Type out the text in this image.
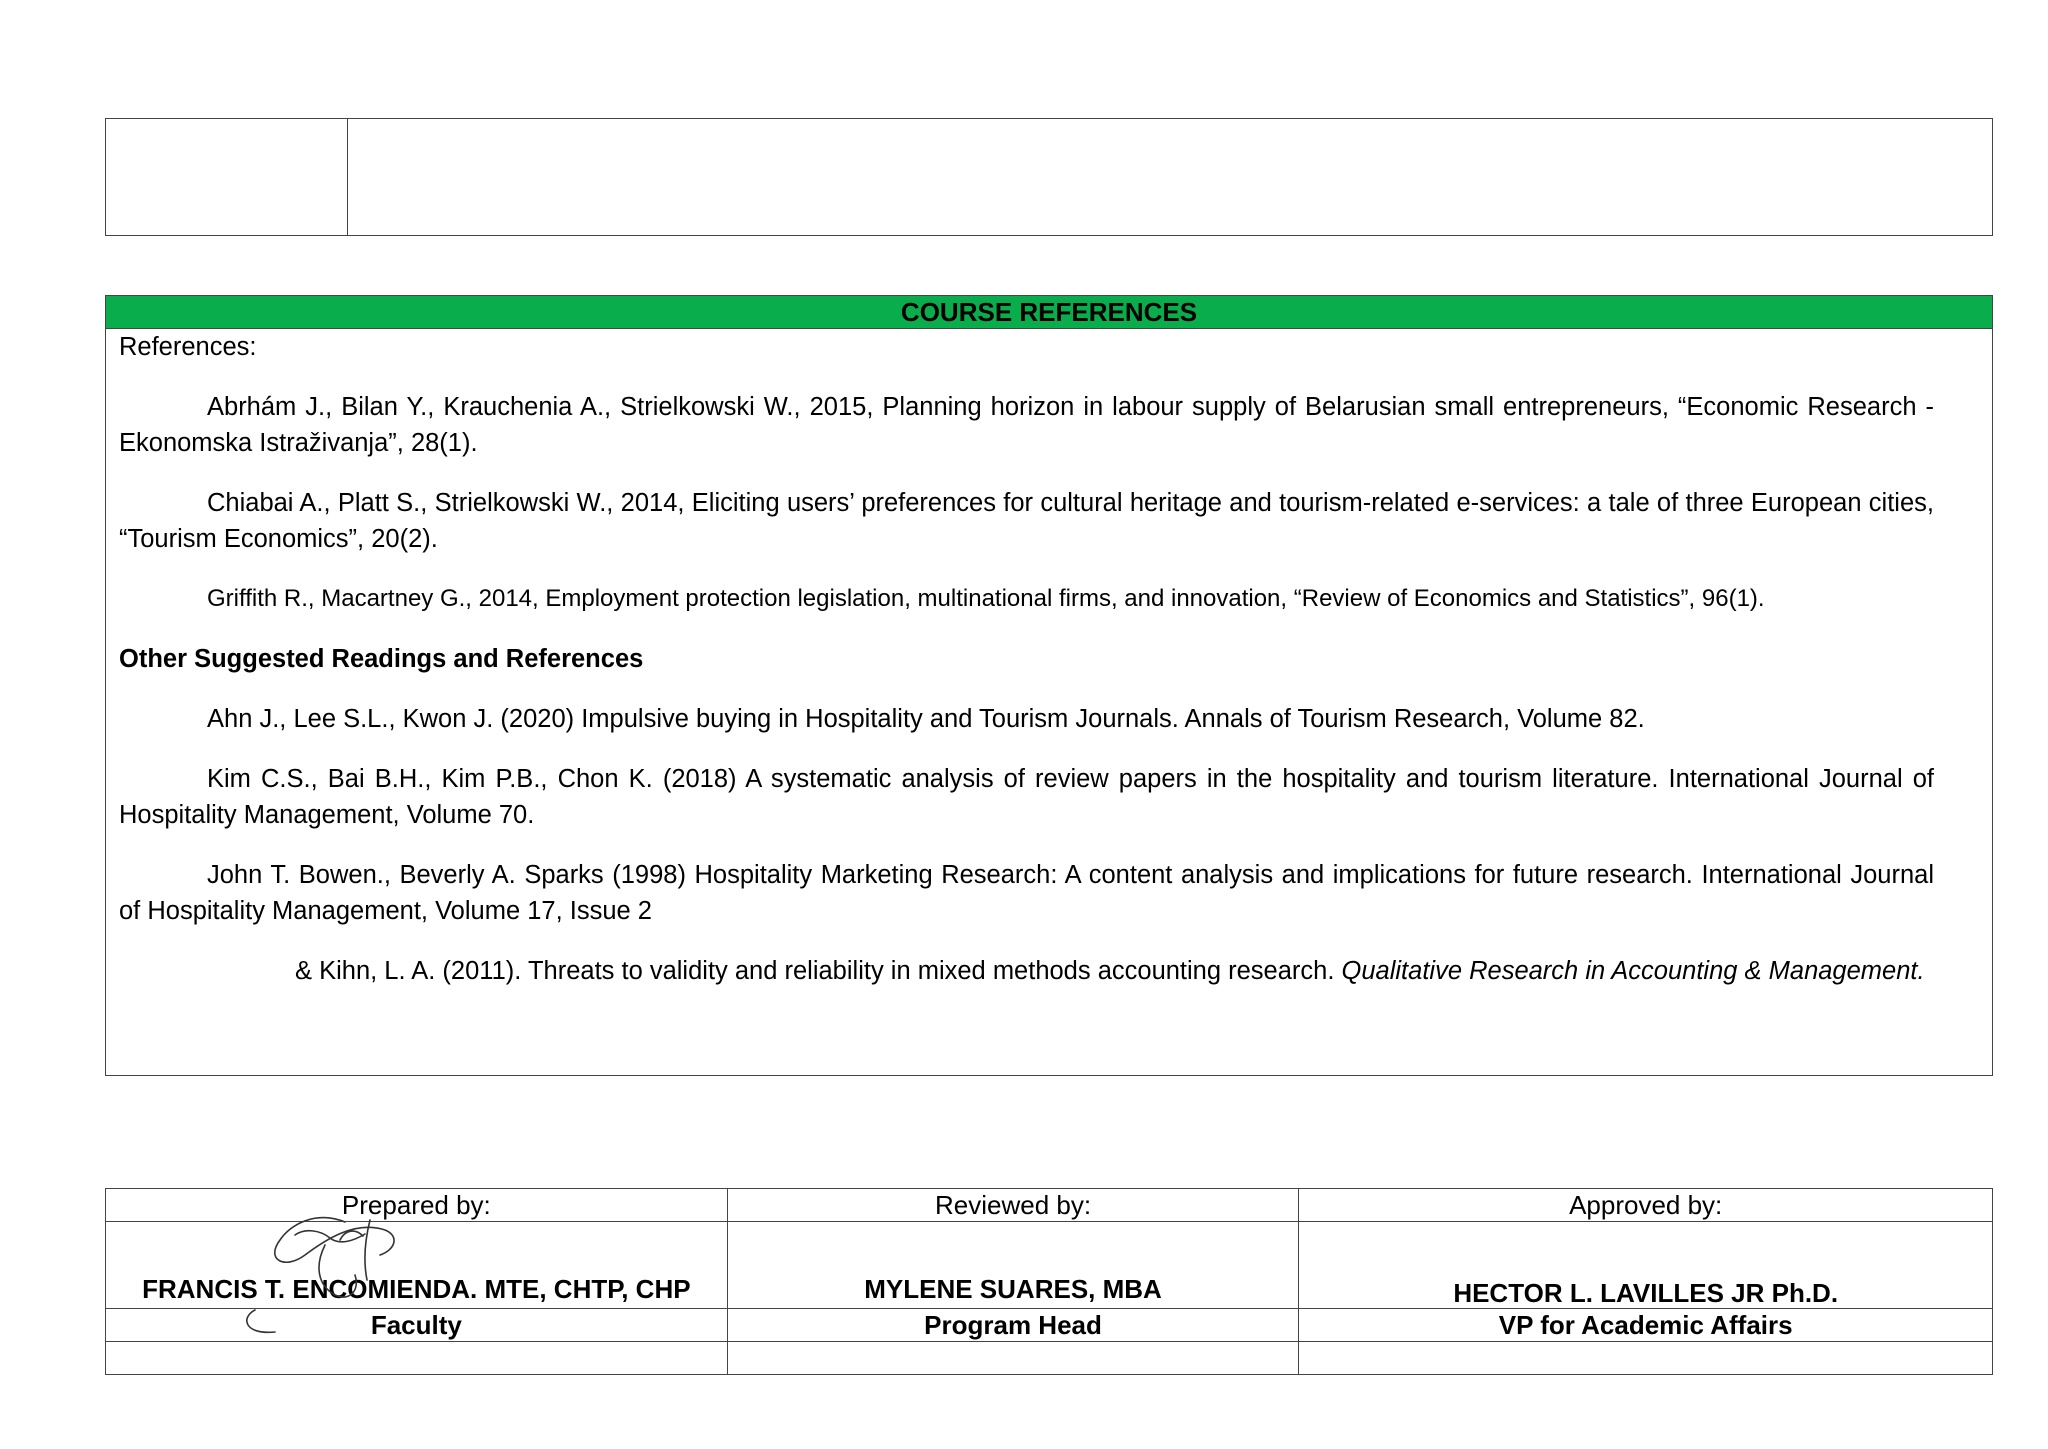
COURSE REFERENCES

References:

Abrhám J., Bilan Y., Krauchenia A., Strielkowski W., 2015, Planning horizon in labour supply of Belarusian small entrepreneurs, “Economic Research - Ekonomska Istraživanja”, 28(1).

Chiabai A., Platt S., Strielkowski W., 2014, Eliciting users’ preferences for cultural heritage and tourism-related e-services: a tale of three European cities, “Tourism Economics”, 20(2).

Griffith R., Macartney G., 2014, Employment protection legislation, multinational firms, and innovation, “Review of Economics and Statistics”, 96(1).

Other Suggested Readings and References

Ahn J., Lee S.L., Kwon J. (2020) Impulsive buying in Hospitality and Tourism Journals. Annals of Tourism Research, Volume 82.

Kim C.S., Bai B.H., Kim P.B., Chon K. (2018) A systematic analysis of review papers in the hospitality and tourism literature. International Journal of Hospitality Management, Volume 70.

John T. Bowen., Beverly A. Sparks (1998) Hospitality Marketing Research: A content analysis and implications for future research. International Journal of Hospitality Management, Volume 17, Issue 2

& Kihn, L. A. (2011). Threats to validity and reliability in mixed methods accounting research. Qualitative Research in Accounting & Management.

Prepared by:	Reviewed by:	Approved by:

FRANCIS T. ENCOMIENDA. MTE, CHTP, CHP	MYLENE SUARES, MBA	HECTOR L. LAVILLES JR Ph.D.

Faculty	Program Head	VP for Academic Affairs
